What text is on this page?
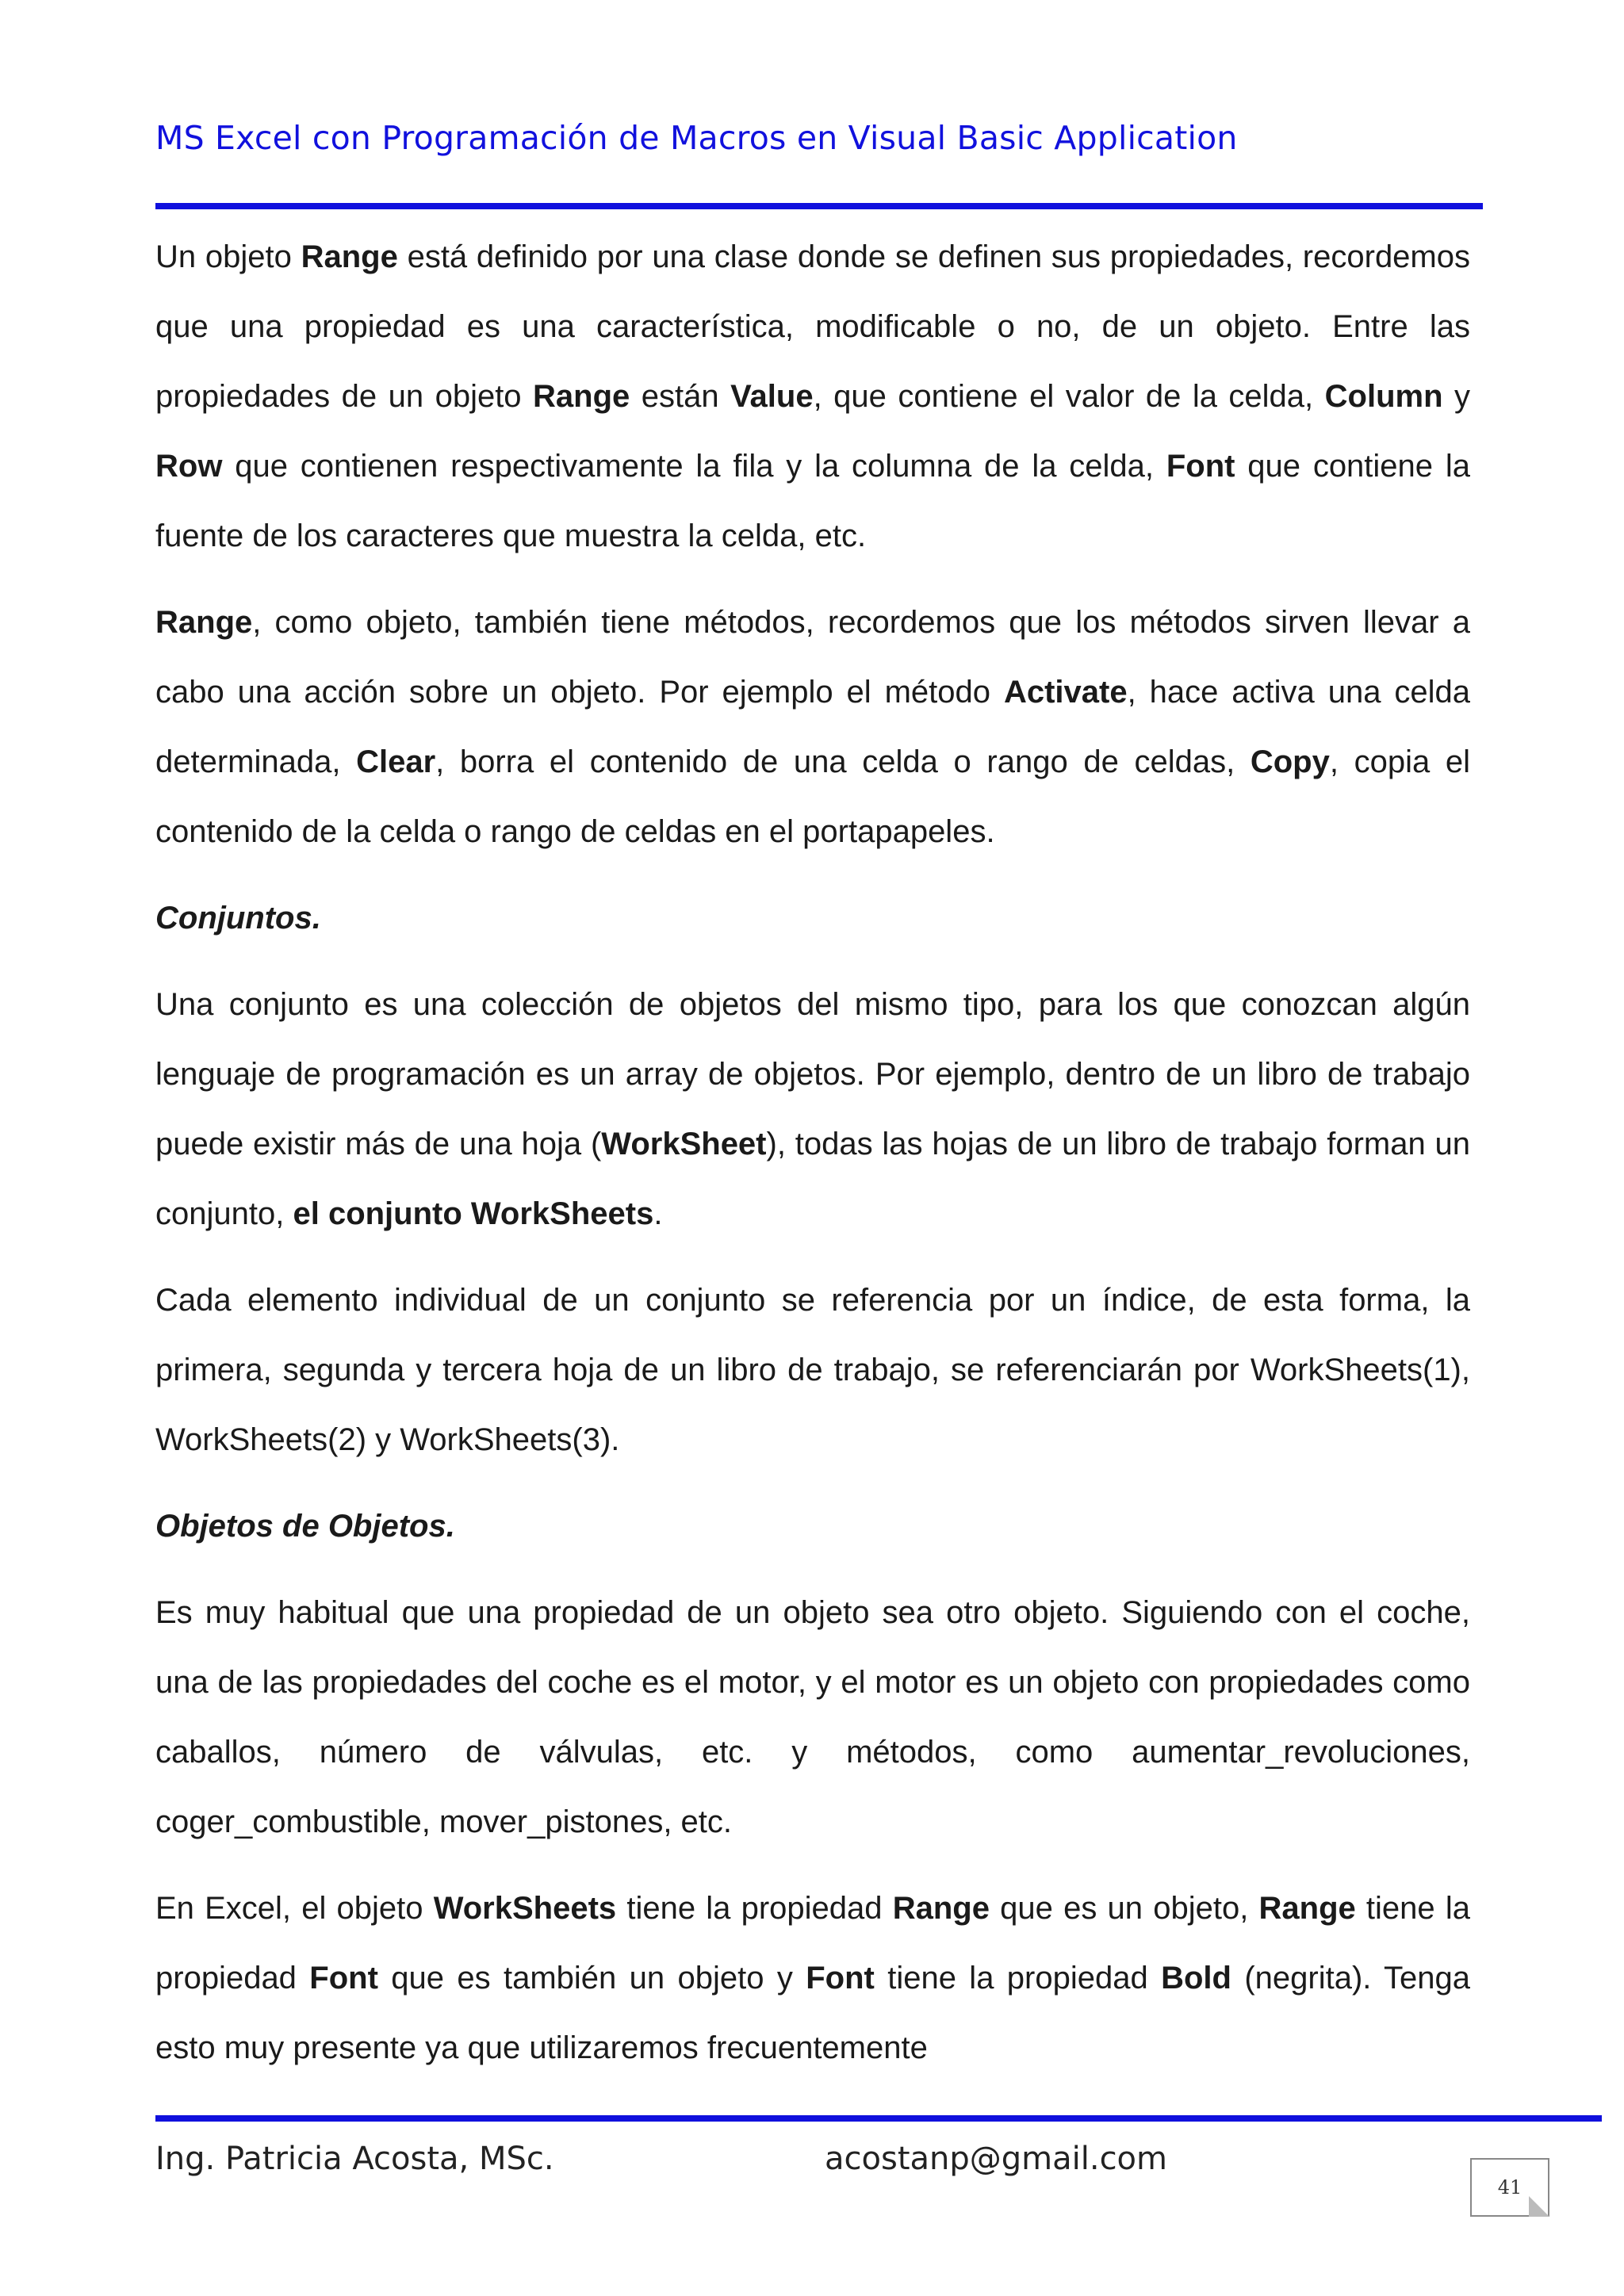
MS Excel con Programación de Macros en Visual Basic Application

Un objeto Range está definido por una clase donde se definen sus propiedades, recordemos que una propiedad es una característica, modificable o no, de un objeto. Entre las propiedades de un objeto Range están Value, que contiene el valor de la celda, Column y Row que contienen respectivamente la fila y la columna de la celda, Font que contiene la fuente de los caracteres que muestra la celda, etc.

Range, como objeto, también tiene métodos, recordemos que los métodos sirven llevar a cabo una acción sobre un objeto. Por ejemplo el método Activate, hace activa una celda determinada, Clear, borra el contenido de una celda o rango de celdas, Copy, copia el contenido de la celda o rango de celdas en el portapapeles.

Conjuntos.

Una conjunto es una colección de objetos del mismo tipo, para los que conozcan algún lenguaje de programación es un array de objetos. Por ejemplo, dentro de un libro de trabajo puede existir más de una hoja (WorkSheet), todas las hojas de un libro de trabajo forman un conjunto, el conjunto WorkSheets.

Cada elemento individual de un conjunto se referencia por un índice, de esta forma, la primera, segunda y tercera hoja de un libro de trabajo, se referenciarán por WorkSheets(1), WorkSheets(2) y WorkSheets(3).

Objetos de Objetos.

Es muy habitual que una propiedad de un objeto sea otro objeto. Siguiendo con el coche, una de las propiedades del coche es el motor, y el motor es un objeto con propiedades como caballos, número de válvulas, etc. y métodos, como aumentar_revoluciones, coger_combustible, mover_pistones, etc.

En Excel, el objeto WorkSheets tiene la propiedad Range que es un objeto, Range tiene la propiedad Font que es también un objeto y Font tiene la propiedad Bold (negrita). Tenga esto muy presente ya que utilizaremos frecuentemente

Ing. Patricia Acosta, MSc.	acostanp@gmail.com
41
